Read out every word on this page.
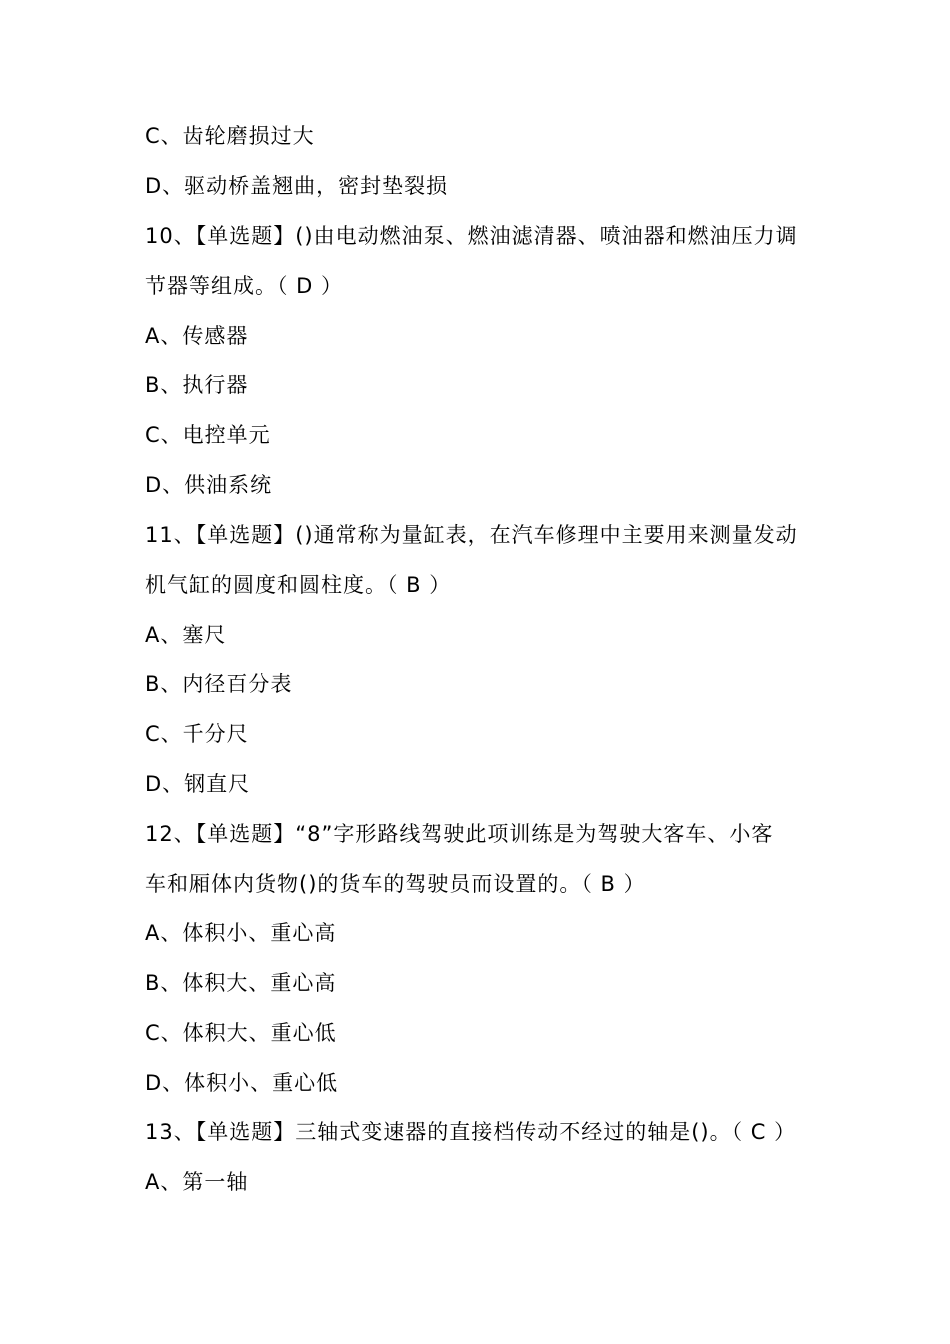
C、齿轮磨损过大
D、驱动桥盖翘曲，密封垫裂损
10、【单选题】()由电动燃油泵、燃油滤清器、喷油器和燃油压力调
节器等组成。（ D ）
A、传感器
B、执行器
C、电控单元
D、供油系统
11、【单选题】()通常称为量缸表，在汽车修理中主要用来测量发动
机气缸的圆度和圆柱度。（ B ）
A、塞尺
B、内径百分表
C、千分尺
D、钢直尺
12、【单选题】“8”字形路线驾驶此项训练是为驾驶大客车、小客
车和厢体内货物()的货车的驾驶员而设置的。（ B ）
A、体积小、重心高
B、体积大、重心高
C、体积大、重心低
D、体积小、重心低
13、【单选题】三轴式变速器的直接档传动不经过的轴是()。（ C ）
A、第一轴
